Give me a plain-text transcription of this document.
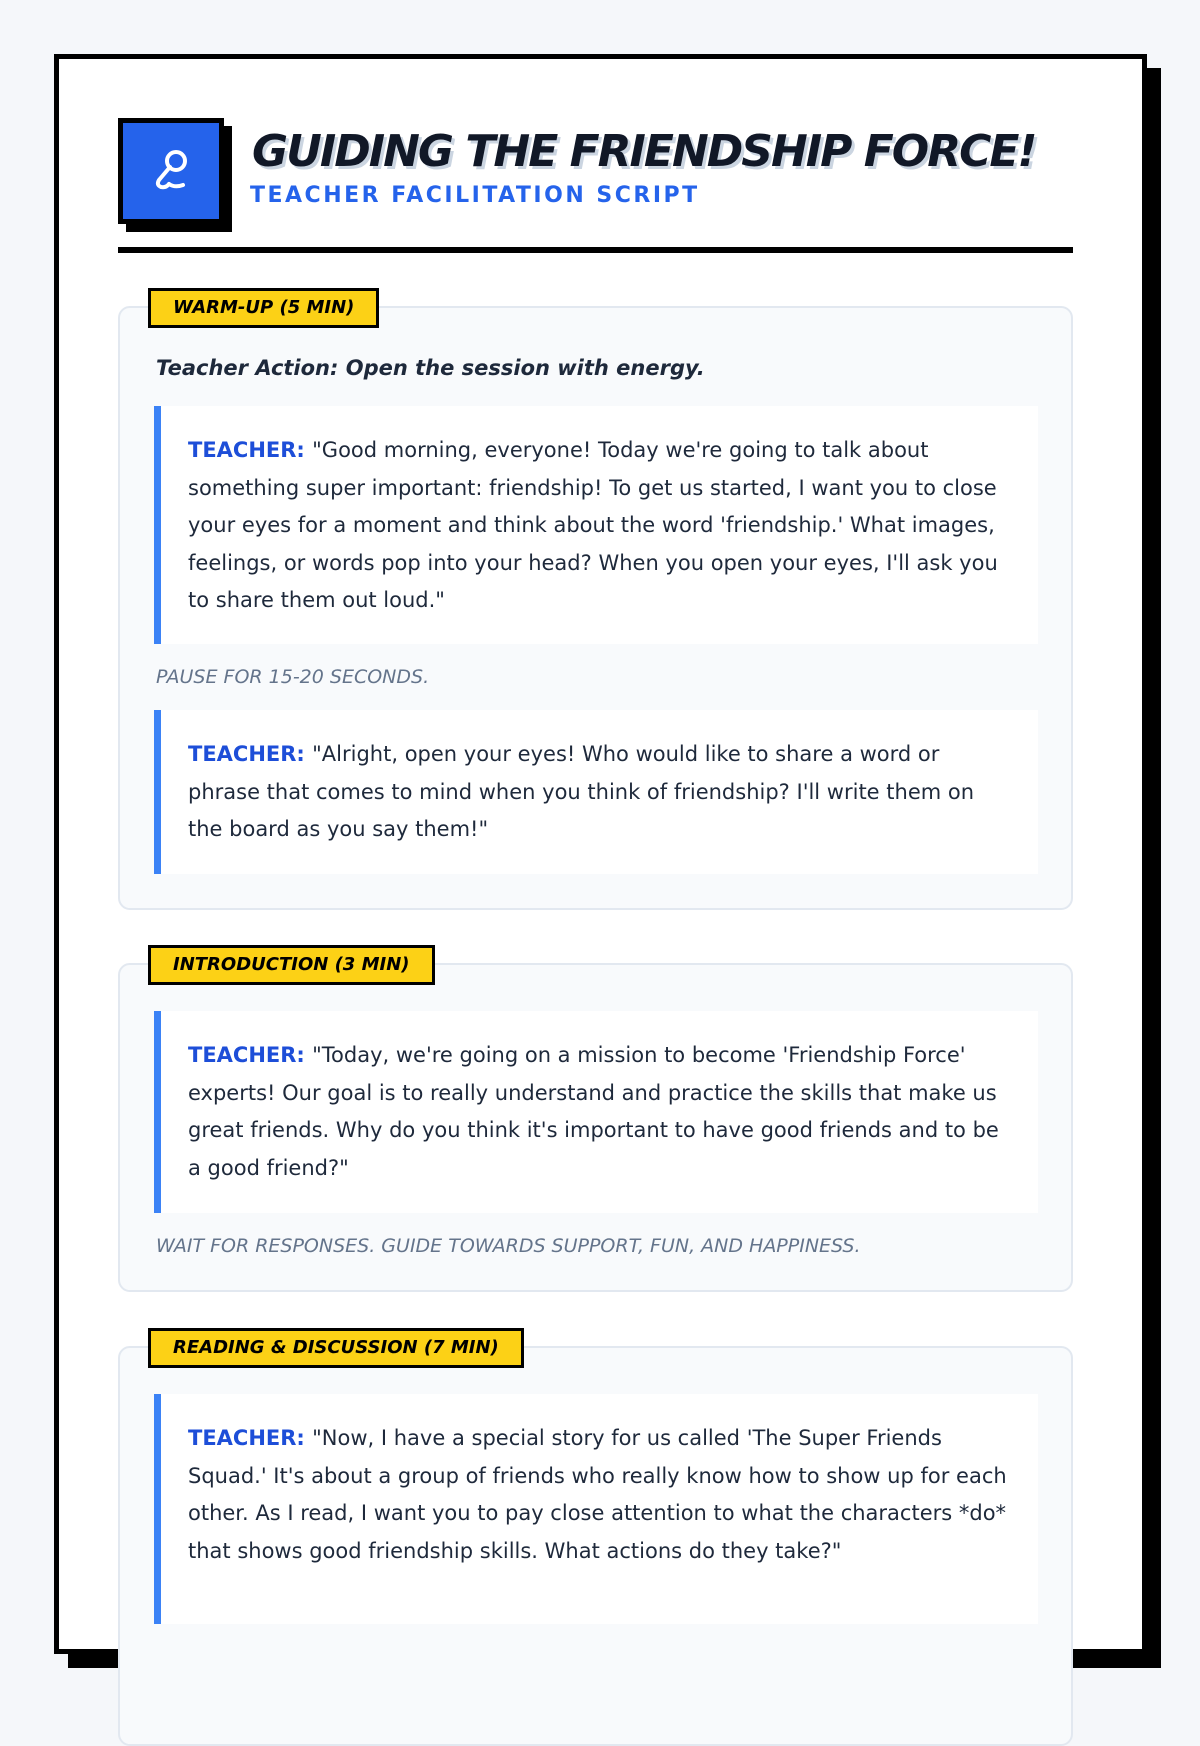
GUIDING THE FRIENDSHIP FORCE!
TEACHER FACILITATION SCRIPT
WARM-UP (5 MIN)
Teacher Action: Open the session with energy.
TEACHER: "Good morning, everyone! Today we're going to talk about something super important: friendship! To get us started, I want you to close your eyes for a moment and think about the word 'friendship.' What images, feelings, or words pop into your head? When you open your eyes, I'll ask you to share them out loud."
PAUSE FOR 15-20 SECONDS.
TEACHER: "Alright, open your eyes! Who would like to share a word or phrase that comes to mind when you think of friendship? I'll write them on the board as you say them!"
INTRODUCTION (3 MIN)
TEACHER: "Today, we're going on a mission to become 'Friendship Force' experts! Our goal is to really understand and practice the skills that make us great friends. Why do you think it's important to have good friends and to be a good friend?"
WAIT FOR RESPONSES. GUIDE TOWARDS SUPPORT, FUN, AND HAPPINESS.
READING & DISCUSSION (7 MIN)
TEACHER: "Now, I have a special story for us called 'The Super Friends Squad.' It's about a group of friends who really know how to show up for each other. As I read, I want you to pay close attention to what the characters *do* that shows good friendship skills. What actions do they take?"
